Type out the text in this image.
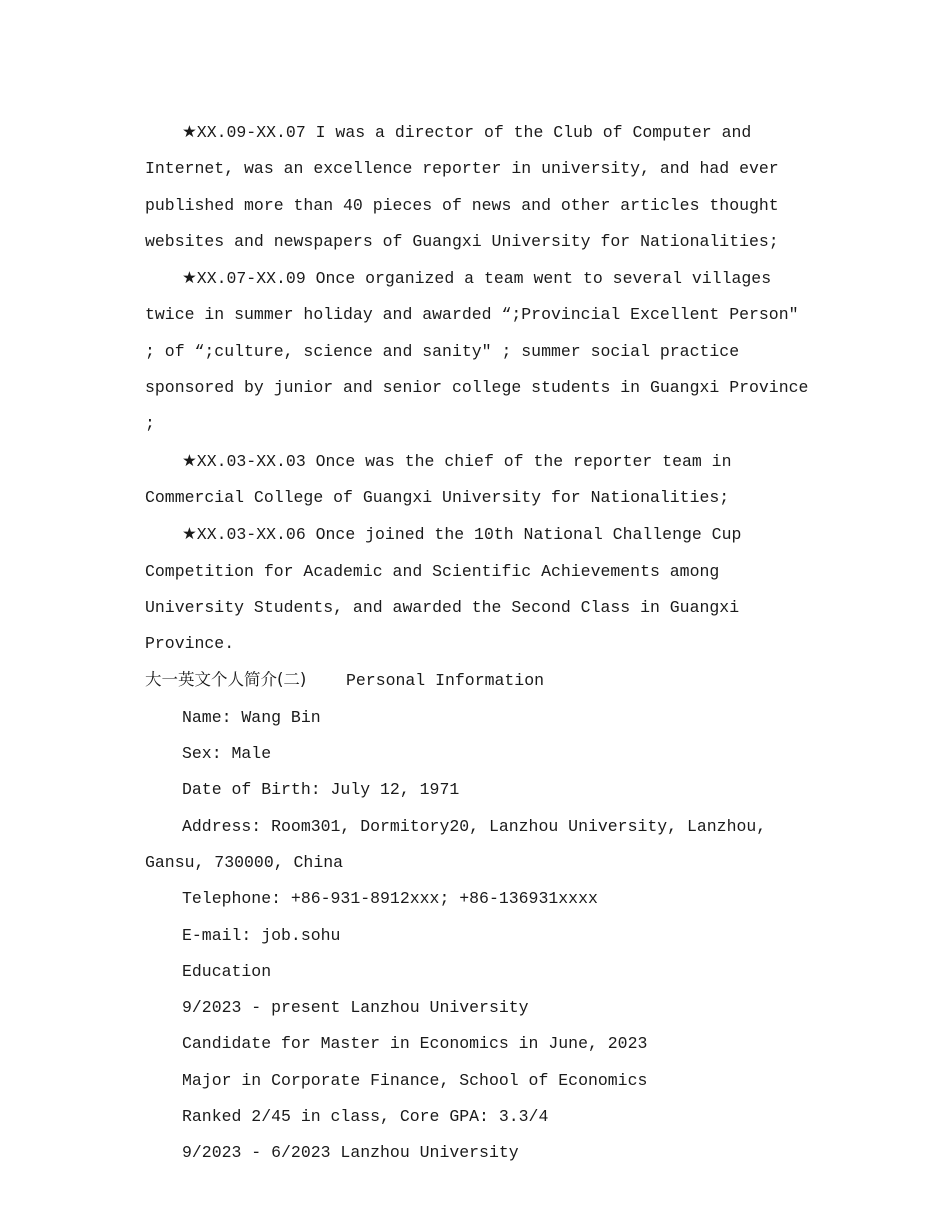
★XX.09-XX.07 I was a director of the Club of Computer and Internet, was an excellence reporter in university, and had ever published more than 40 pieces of news and other articles thought websites and newspapers of Guangxi University for Nationalities;

★XX.07-XX.09 Once organized a team went to several villages twice in summer holiday and awarded “;Provincial Excellent Person″ ; of “;culture, science and sanity″ ; summer social practice sponsored by junior and senior college students in Guangxi Province ;

★XX.03-XX.03 Once was the chief of the reporter team in Commercial College of Guangxi University for Nationalities;

★XX.03-XX.06 Once joined the 10th National Challenge Cup Competition for Academic and Scientific Achievements among University Students, and awarded the Second Class in Guangxi Province.

大一英文个人简介(二) Personal Information

Name: Wang Bin

Sex: Male

Date of Birth: July 12, 1971

Address: Room301, Dormitory20, Lanzhou University, Lanzhou, Gansu, 730000, China

Telephone: +86-931-8912xxx; +86-136931xxxx

E-mail: job.sohu

Education

9/2023 - present Lanzhou University

Candidate for Master in Economics in June, 2023

Major in Corporate Finance, School of Economics

Ranked 2/45 in class, Core GPA: 3.3/4

9/2023 - 6/2023 Lanzhou University
